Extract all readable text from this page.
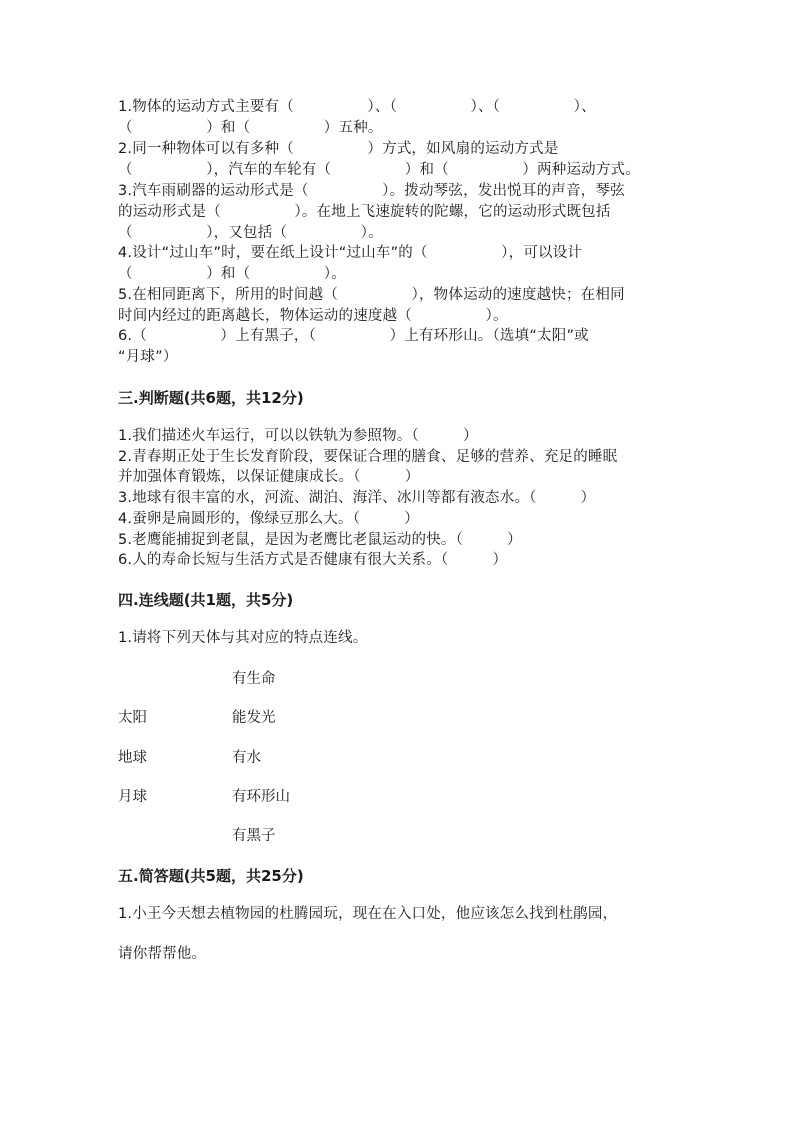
1.物体的运动方式主要有（　　　　　）、（　　　　　）、（　　　　　）、
（　　　　　）和（　　　　　）五种。
2.同一种物体可以有多种（　　　　　）方式，如风扇的运动方式是
（　　　　　），汽车的车轮有（　　　　　）和（　　　　　）两种运动方式。
3.汽车雨刷器的运动形式是（　　　　　）。拨动琴弦，发出悦耳的声音，琴弦
的运动形式是（　　　　　）。在地上飞速旋转的陀螺，它的运动形式既包括
（　　　　　），又包括（　　　　　）。
4.设计“过山车”时，要在纸上设计“过山车”的（　　　　　），可以设计
（　　　　　）和（　　　　　）。
5.在相同距离下，所用的时间越（　　　　　），物体运动的速度越快；在相同
时间内经过的距离越长，物体运动的速度越（　　　　　）。
6.（　　　　　）上有黑子，（　　　　　）上有环形山。（选填“太阳”或
“月球”）
三.判断题(共6题，共12分)
1.我们描述火车运行，可以以铁轨为参照物。（　　　）
2.青春期正处于生长发育阶段，要保证合理的膳食、足够的营养、充足的睡眠
并加强体育锻炼，以保证健康成长。（　　　）
3.地球有很丰富的水，河流、湖泊、海洋、冰川等都有液态水。（　　　）
4.蚕卵是扁圆形的，像绿豆那么大。（　　　）
5.老鹰能捕捉到老鼠，是因为老鹰比老鼠运动的快。（　　　）
6.人的寿命长短与生活方式是否健康有很大关系。（　　　）
四.连线题(共1题，共5分)
1.请将下列天体与其对应的特点连线。
有生命
太阳	能发光
地球	有水
月球	有环形山
有黑子
五.简答题(共5题，共25分)
1.小王今天想去植物园的杜腾园玩，现在在入口处，他应该怎么找到杜鹃园，
请你帮帮他。
